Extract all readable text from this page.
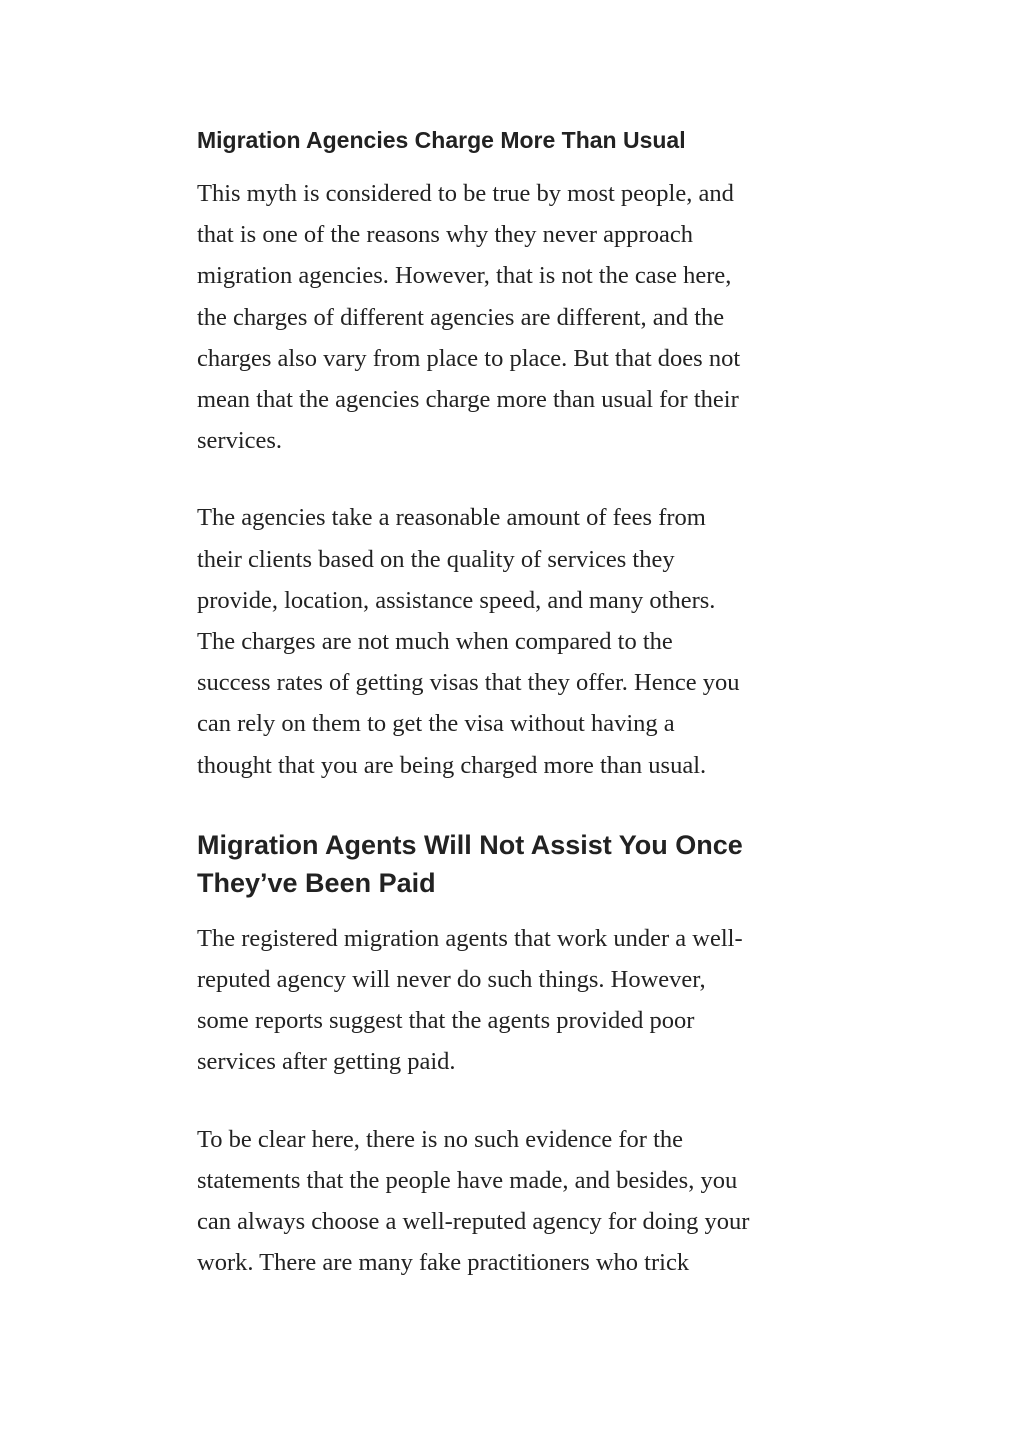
Migration Agencies Charge More Than Usual

This myth is considered to be true by most people, and
that is one of the reasons why they never approach
migration agencies. However, that is not the case here,
the charges of different agencies are different, and the
charges also vary from place to place. But that does not
mean that the agencies charge more than usual for their
services.

The agencies take a reasonable amount of fees from
their clients based on the quality of services they
provide, location, assistance speed, and many others.
The charges are not much when compared to the
success rates of getting visas that they offer. Hence you
can rely on them to get the visa without having a
thought that you are being charged more than usual.

Migration Agents Will Not Assist You Once
They’ve Been Paid

The registered migration agents that work under a well-
reputed agency will never do such things. However,
some reports suggest that the agents provided poor
services after getting paid.

To be clear here, there is no such evidence for the
statements that the people have made, and besides, you
can always choose a well-reputed agency for doing your
work. There are many fake practitioners who trick
